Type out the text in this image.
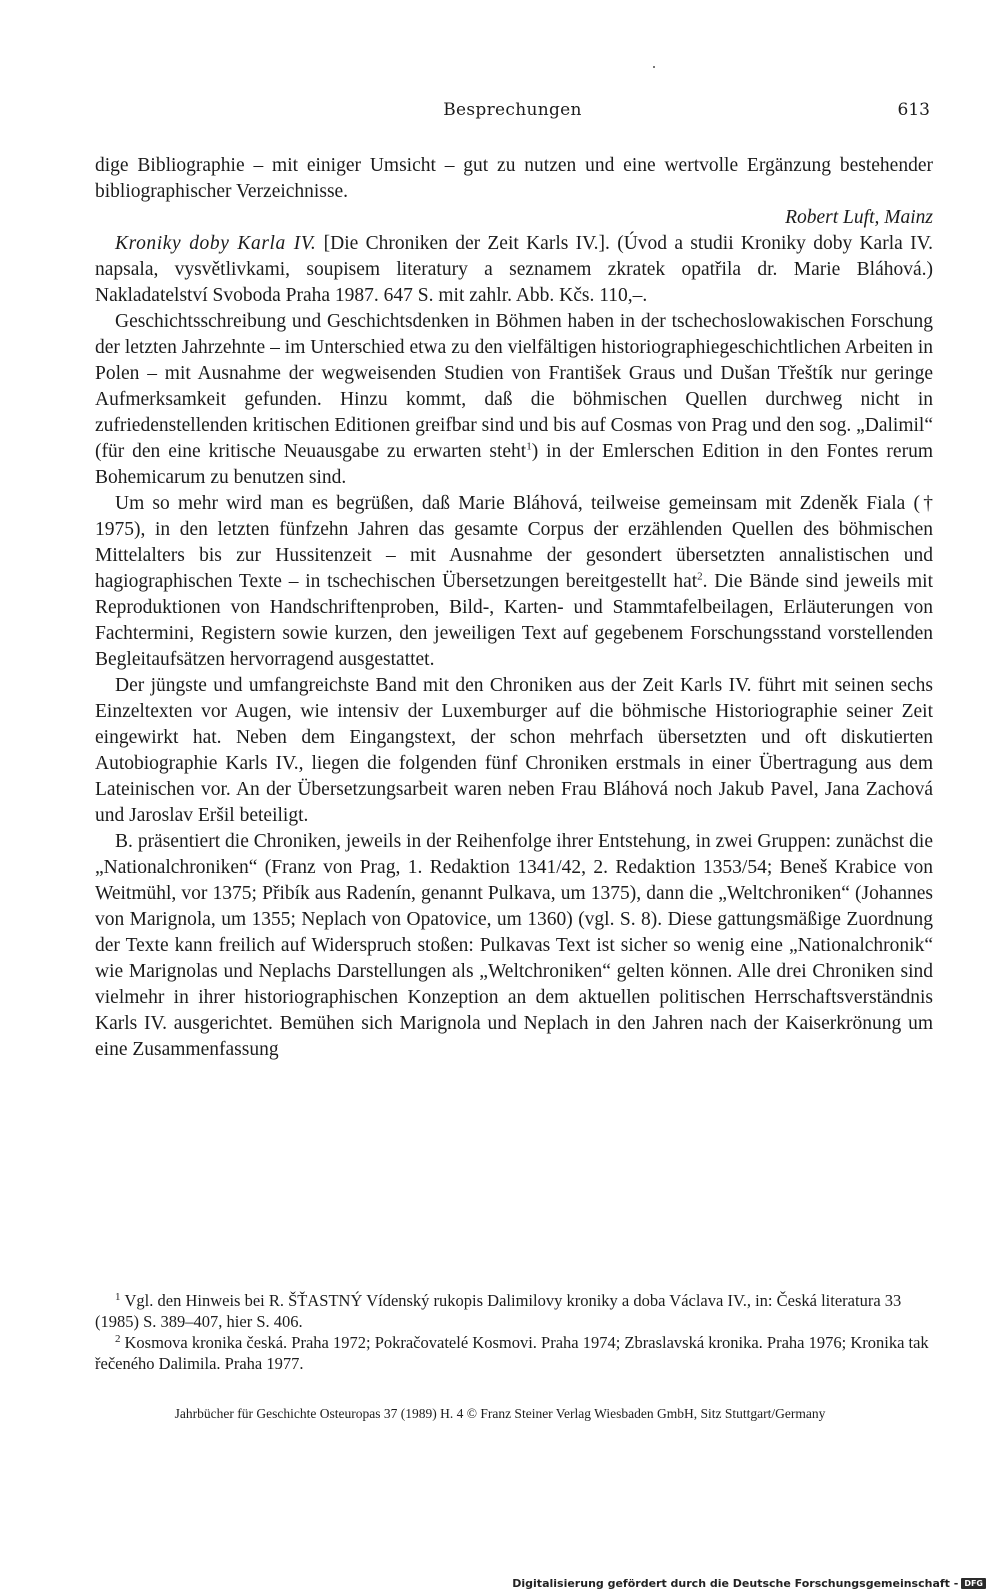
Besprechungen	613

dige Bibliographie – mit einiger Umsicht – gut zu nutzen und eine wertvolle Ergänzung bestehender bibliographischer Verzeichnisse.

Robert Luft, Mainz

Kroniky doby Karla IV. [Die Chroniken der Zeit Karls IV.]. (Úvod a studii Kroniky doby Karla IV. napsala, vysvětlivkami, soupisem literatury a seznamem zkratek opatřila dr. Marie Bláhová.) Nakladatelství Svoboda Praha 1987. 647 S. mit zahlr. Abb. Kčs. 110,–.

Geschichtsschreibung und Geschichtsdenken in Böhmen haben in der tschechoslowakischen Forschung der letzten Jahrzehnte – im Unterschied etwa zu den vielfältigen historiographiegeschichtlichen Arbeiten in Polen – mit Ausnahme der wegweisenden Studien von František Graus und Dušan Třeštík nur geringe Aufmerksamkeit gefunden. Hinzu kommt, daß die böhmischen Quellen durchweg nicht in zufriedenstellenden kritischen Editionen greifbar sind und bis auf Cosmas von Prag und den sog. „Dalimil“ (für den eine kritische Neuausgabe zu erwarten steht$^1$) in der Emlerschen Edition in den Fontes rerum Bohemicarum zu benutzen sind.

Um so mehr wird man es begrüßen, daß Marie Bláhová, teilweise gemeinsam mit Zdeněk Fiala († 1975), in den letzten fünfzehn Jahren das gesamte Corpus der erzählenden Quellen des böhmischen Mittelalters bis zur Hussitenzeit – mit Ausnahme der gesondert übersetzten annalistischen und hagiographischen Texte – in tschechischen Übersetzungen bereitgestellt hat$^2$. Die Bände sind jeweils mit Reproduktionen von Handschriftenproben, Bild-, Karten- und Stammtafelbeilagen, Erläuterungen von Fachtermini, Registern sowie kurzen, den jeweiligen Text auf gegebenem Forschungsstand vorstellenden Begleitaufsätzen hervorragend ausgestattet.

Der jüngste und umfangreichste Band mit den Chroniken aus der Zeit Karls IV. führt mit seinen sechs Einzeltexten vor Augen, wie intensiv der Luxemburger auf die böhmische Historiographie seiner Zeit eingewirkt hat. Neben dem Eingangstext, der schon mehrfach übersetzten und oft diskutierten Autobiographie Karls IV., liegen die folgenden fünf Chroniken erstmals in einer Übertragung aus dem Lateinischen vor. An der Übersetzungsarbeit waren neben Frau Bláhová noch Jakub Pavel, Jana Zachová und Jaroslav Eršil beteiligt.

B. präsentiert die Chroniken, jeweils in der Reihenfolge ihrer Entstehung, in zwei Gruppen: zunächst die „Nationalchroniken“ (Franz von Prag, 1. Redaktion 1341/42, 2. Redaktion 1353/54; Beneš Krabice von Weitmühl, vor 1375; Přibík aus Radenín, genannt Pulkava, um 1375), dann die „Weltchroniken“ (Johannes von Marignola, um 1355; Neplach von Opatovice, um 1360) (vgl. S. 8). Diese gattungsmäßige Zuordnung der Texte kann freilich auf Widerspruch stoßen: Pulkavas Text ist sicher so wenig eine „Nationalchronik“ wie Marignolas und Neplachs Darstellungen als „Weltchroniken“ gelten können. Alle drei Chroniken sind vielmehr in ihrer historiographischen Konzeption an dem aktuellen politischen Herrschaftsverständnis Karls IV. ausgerichtet. Bemühen sich Marignola und Neplach in den Jahren nach der Kaiserkrönung um eine Zusammenfassung

$^1$ Vgl. den Hinweis bei R. ŠŤASTNÝ Vídenský rukopis Dalimilovy kroniky a doba Václava IV., in: Česká literatura 33 (1985) S. 389–407, hier S. 406.

$^2$ Kosmova kronika česká. Praha 1972; Pokračovatelé Kosmovi. Praha 1974; Zbraslavská kronika. Praha 1976; Kronika tak řečeného Dalimila. Praha 1977.

Jahrbücher für Geschichte Osteuropas 37 (1989) H. 4 © Franz Steiner Verlag Wiesbaden GmbH, Sitz Stuttgart/Germany
Digitalisierung gefördert durch die Deutsche Forschungsgemeinschaft - DFG
